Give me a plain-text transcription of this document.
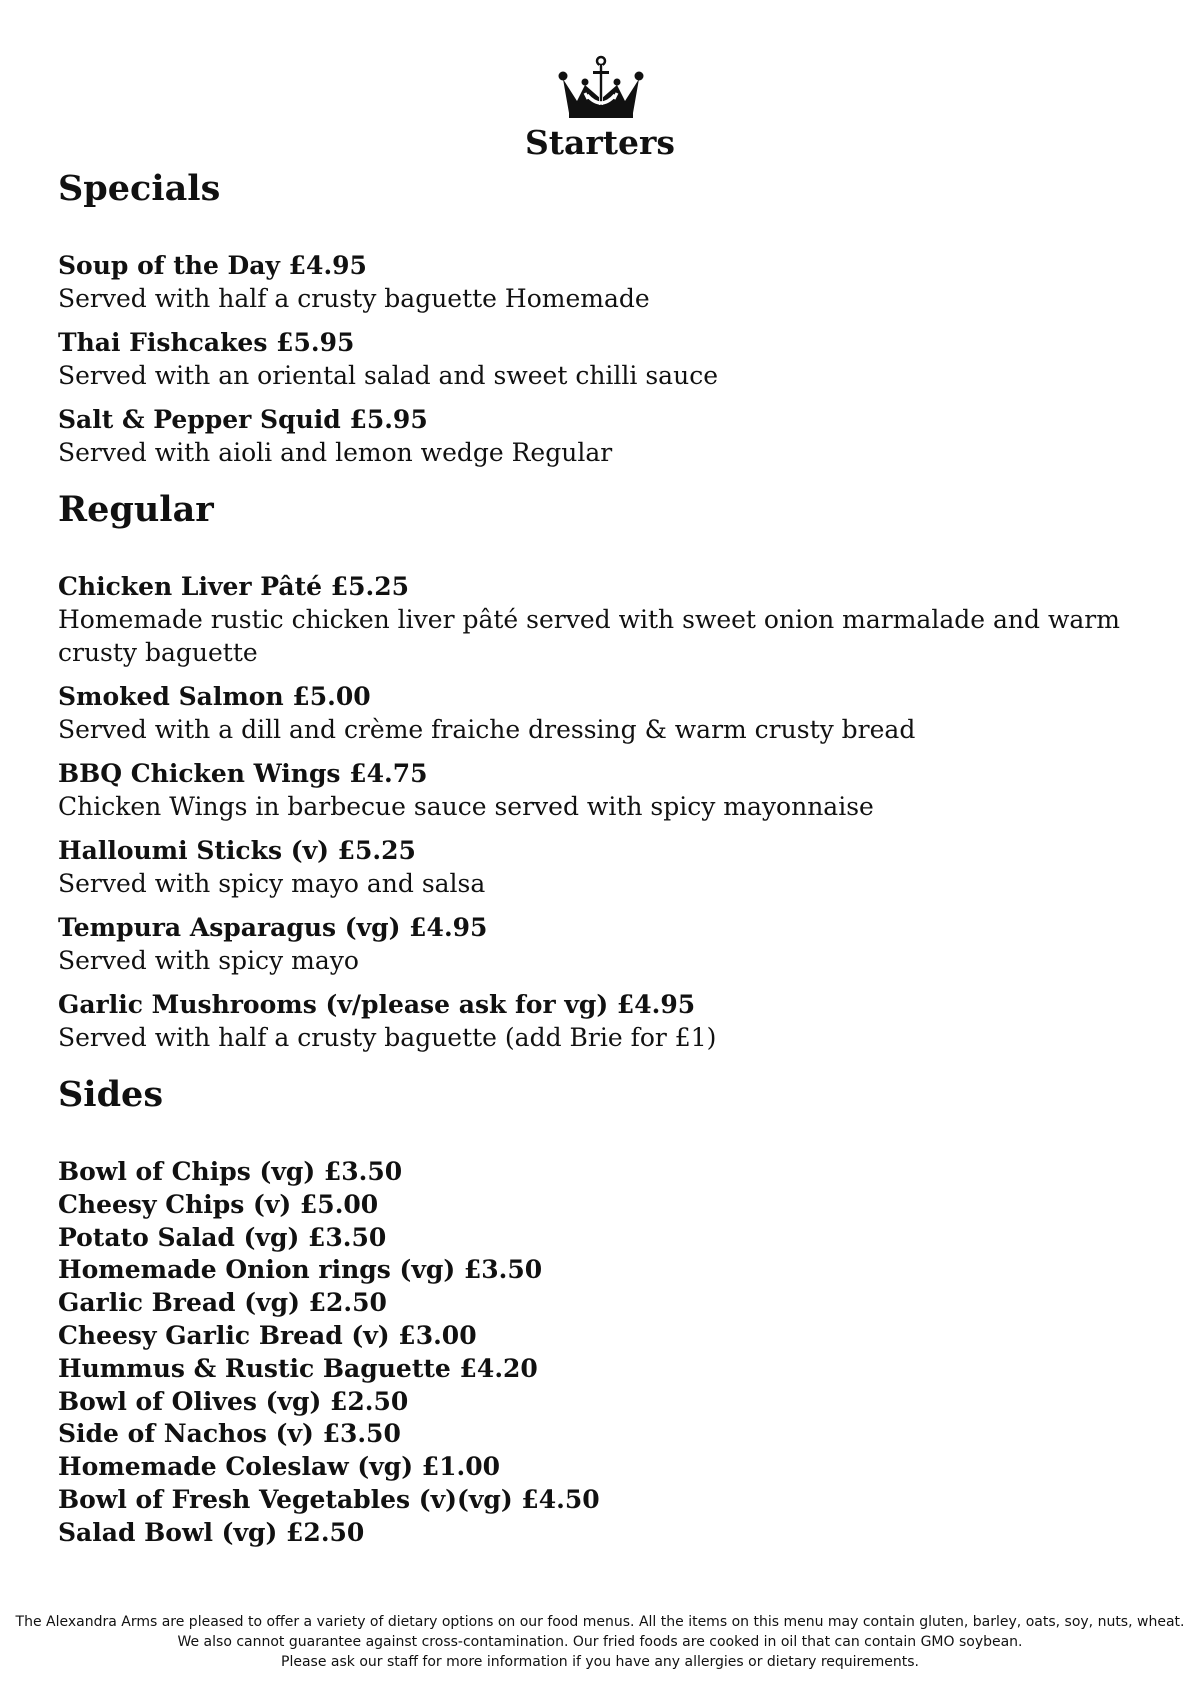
Starters
Specials
Soup of the Day £4.95
Served with half a crusty baguette Homemade
Thai Fishcakes £5.95
Served with an oriental salad and sweet chilli sauce
Salt & Pepper Squid £5.95
Served with aioli and lemon wedge Regular
Regular
Chicken Liver Pâté £5.25
Homemade rustic chicken liver pâté served with sweet onion marmalade and warm crusty baguette
Smoked Salmon £5.00
Served with a dill and crème fraiche dressing & warm crusty bread
BBQ Chicken Wings £4.75
Chicken Wings in barbecue sauce served with spicy mayonnaise
Halloumi Sticks (v) £5.25
Served with spicy mayo and salsa
Tempura Asparagus (vg) £4.95
Served with spicy mayo
Garlic Mushrooms (v/please ask for vg) £4.95
Served with half a crusty baguette (add Brie for £1)
Sides
Bowl of Chips (vg) £3.50
Cheesy Chips (v) £5.00
Potato Salad (vg) £3.50
Homemade Onion rings (vg) £3.50
Garlic Bread (vg) £2.50
Cheesy Garlic Bread (v) £3.00
Hummus & Rustic Baguette £4.20
Bowl of Olives (vg) £2.50
Side of Nachos (v) £3.50
Homemade Coleslaw (vg) £1.00
Bowl of Fresh Vegetables (v)(vg) £4.50
Salad Bowl (vg) £2.50
The Alexandra Arms are pleased to offer a variety of dietary options on our food menus. All the items on this menu may contain gluten, barley, oats, soy, nuts, wheat.
We also cannot guarantee against cross-contamination. Our fried foods are cooked in oil that can contain GMO soybean.
Please ask our staff for more information if you have any allergies or dietary requirements.
